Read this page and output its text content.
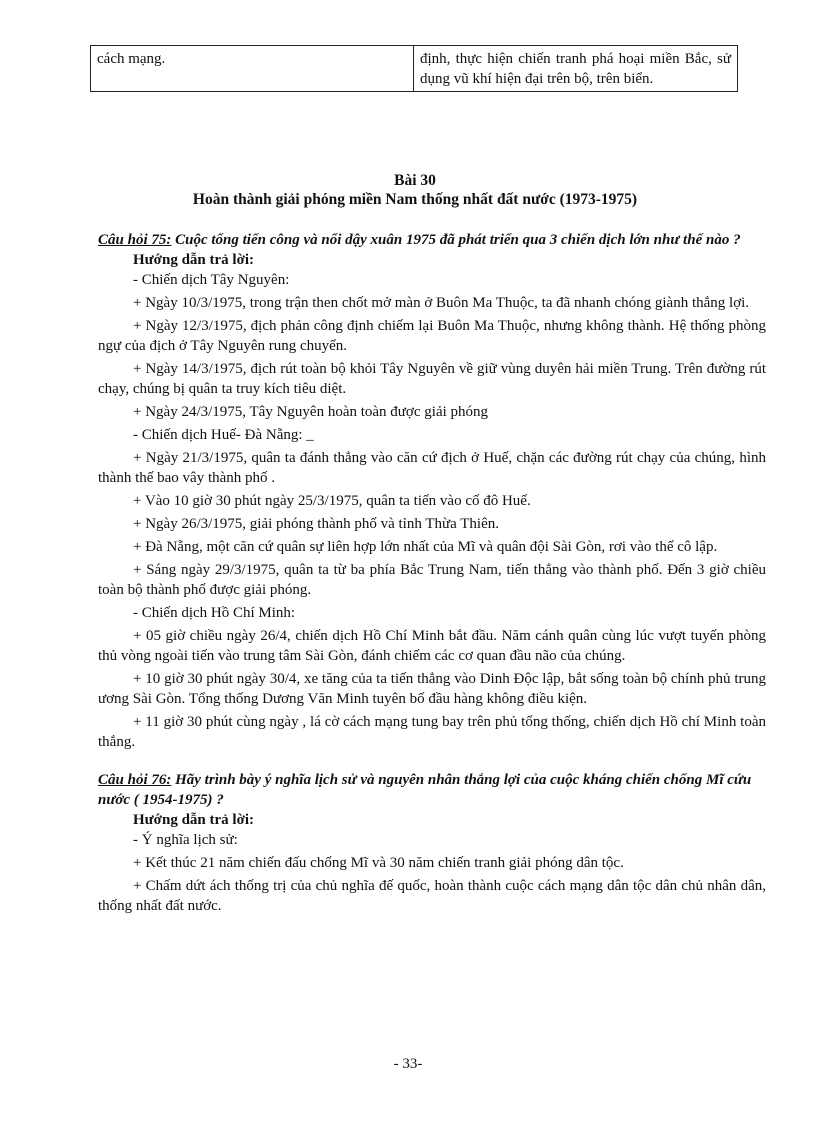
cách mạng.	định, thực hiện chiến tranh phá hoại miền Bắc, sử dụng vũ khí hiện đại trên bộ, trên biển.
Bài 30
Hoàn thành giải phóng miền Nam thống nhất đất nước (1973-1975)

Câu hỏi 75: Cuộc tổng tiến công và nổi dậy xuân 1975 đã phát triển qua 3 chiến dịch lớn như thế nào ?

Hướng dẫn trả lời:

- Chiến dịch Tây Nguyên:

+ Ngày 10/3/1975, trong trận then chốt mở màn ở Buôn Ma Thuộc, ta đã nhanh chóng giành thắng lợi.

+ Ngày 12/3/1975, địch phản công định chiếm lại Buôn Ma Thuộc, nhưng không thành. Hệ thống phòng ngự của địch ở Tây Nguyên rung chuyển.

+ Ngày 14/3/1975, địch rút toàn bộ khỏi Tây Nguyên về giữ vùng duyên hải miền Trung. Trên đường rút chạy, chúng bị quân ta truy kích tiêu diệt.

+ Ngày 24/3/1975, Tây Nguyên hoàn toàn được giải phóng

- Chiến dịch Huế- Đà Nẵng: _

+ Ngày 21/3/1975, quân ta đánh thẳng vào căn cứ địch ở Huế, chặn các đường rút chạy của chúng, hình thành thế bao vây thành phố .

+ Vào 10 giờ 30 phút ngày 25/3/1975, quân ta tiến vào cố đô Huế.

+ Ngày 26/3/1975, giải phóng thành phố và tỉnh Thừa Thiên.

+ Đà Nẵng, một căn cứ quân sự liên hợp lớn nhất của Mĩ và quân đội Sài Gòn, rơi vào thế cô lập.

+ Sáng ngày 29/3/1975, quân ta từ ba phía Bắc Trung Nam, tiến thẳng vào thành phố. Đến 3 giờ chiều toàn bộ thành phố được giải phóng.

- Chiến dịch Hồ Chí Minh:

+ 05 giờ chiều ngày 26/4, chiến dịch Hồ Chí Minh bắt đầu. Năm cánh quân cùng lúc vượt tuyến phòng thủ vòng ngoài tiến vào trung tâm Sài Gòn, đánh chiếm các cơ quan đầu não của chúng.

+ 10 giờ 30 phút ngày 30/4, xe tăng của ta tiến thẳng vào Dinh Độc lập, bắt sống toàn bộ chính phủ trung ương Sài Gòn. Tổng thống Dương Văn Minh tuyên bố đầu hàng không điều kiện.

+ 11 giờ 30 phút cùng ngày , lá cờ cách mạng tung bay trên phủ tổng thống, chiến dịch Hồ chí Minh toàn thắng.

Câu hỏi 76: Hãy trình bày ý nghĩa lịch sử và nguyên nhân thắng lợi của cuộc kháng chiến chống Mĩ cứu nước ( 1954-1975) ?

Hướng dẫn trả lời:

- Ý nghĩa lịch sử:

+ Kết thúc 21 năm chiến đấu chống Mĩ và 30 năm chiến tranh giải phóng dân tộc.

+ Chấm dứt ách thống trị của chủ nghĩa đế quốc, hoàn thành cuộc cách mạng dân tộc dân chủ nhân dân, thống nhất đất nước.

- 33-
